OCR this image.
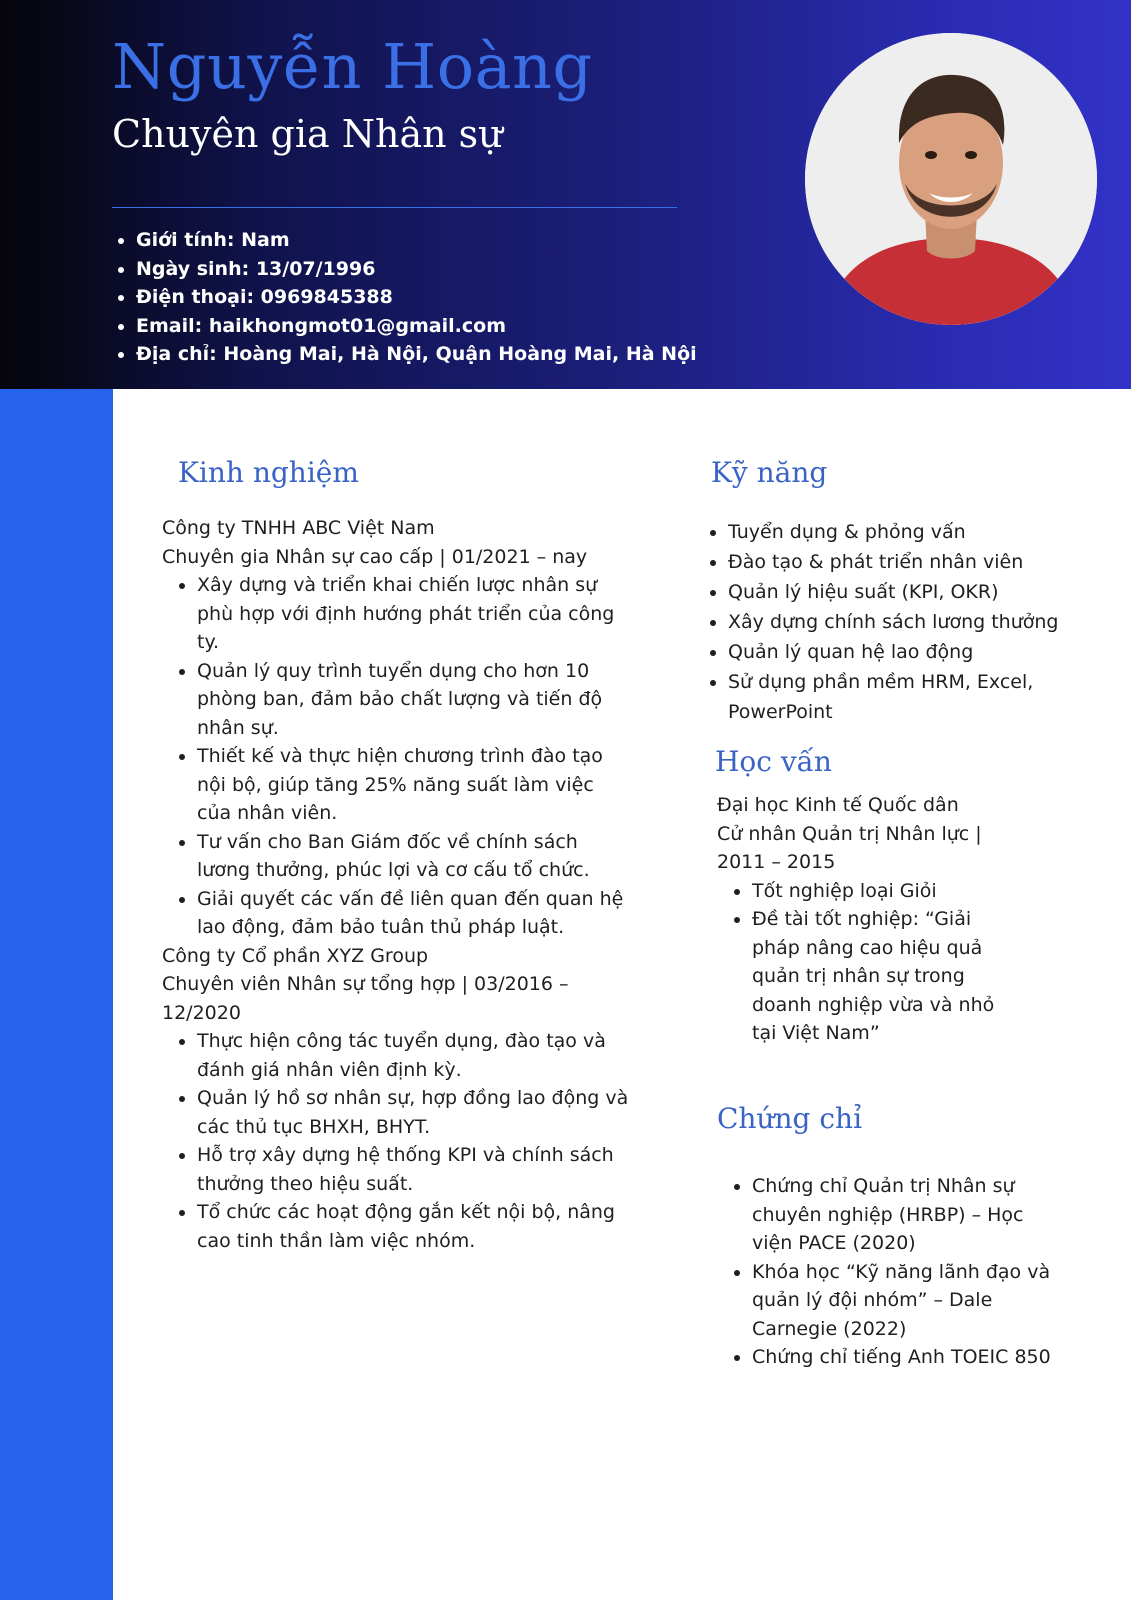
Nguyễn Hoàng
Chuyên gia Nhân sự
• Giới tính: Nam
• Ngày sinh: 13/07/1996
• Điện thoại: 0969845388
• Email: haikhongmot01@gmail.com
• Địa chỉ: Hoàng Mai, Hà Nội, Quận Hoàng Mai, Hà Nội
Kinh nghiệm

Công ty TNHH ABC Việt Nam

Chuyên gia Nhân sự cao cấp | 01/2021 – nay

• Xây dựng và triển khai chiến lược nhân sự phù hợp với định hướng phát triển của công ty.
• Quản lý quy trình tuyển dụng cho hơn 10 phòng ban, đảm bảo chất lượng và tiến độ nhân sự.
• Thiết kế và thực hiện chương trình đào tạo nội bộ, giúp tăng 25% năng suất làm việc của nhân viên.
• Tư vấn cho Ban Giám đốc về chính sách lương thưởng, phúc lợi và cơ cấu tổ chức.
• Giải quyết các vấn đề liên quan đến quan hệ lao động, đảm bảo tuân thủ pháp luật.

Công ty Cổ phần XYZ Group

Chuyên viên Nhân sự tổng hợp | 03/2016 – 12/2020

• Thực hiện công tác tuyển dụng, đào tạo và đánh giá nhân viên định kỳ.
• Quản lý hồ sơ nhân sự, hợp đồng lao động và các thủ tục BHXH, BHYT.
• Hỗ trợ xây dựng hệ thống KPI và chính sách thưởng theo hiệu suất.
• Tổ chức các hoạt động gắn kết nội bộ, nâng cao tinh thần làm việc nhóm.
Kỹ năng
• Tuyển dụng & phỏng vấn
• Đào tạo & phát triển nhân viên
• Quản lý hiệu suất (KPI, OKR)
• Xây dựng chính sách lương thưởng
• Quản lý quan hệ lao động
• Sử dụng phần mềm HRM, Excel, PowerPoint
Học vấn

Đại học Kinh tế Quốc dân

Cử nhân Quản trị Nhân lực | 2011 – 2015

• Tốt nghiệp loại Giỏi
• Đề tài tốt nghiệp: “Giải pháp nâng cao hiệu quả quản trị nhân sự trong doanh nghiệp vừa và nhỏ tại Việt Nam”
Chứng chỉ
• Chứng chỉ Quản trị Nhân sự chuyên nghiệp (HRBP) – Học viện PACE (2020)
• Khóa học “Kỹ năng lãnh đạo và quản lý đội nhóm” – Dale Carnegie (2022)
• Chứng chỉ tiếng Anh TOEIC 850
